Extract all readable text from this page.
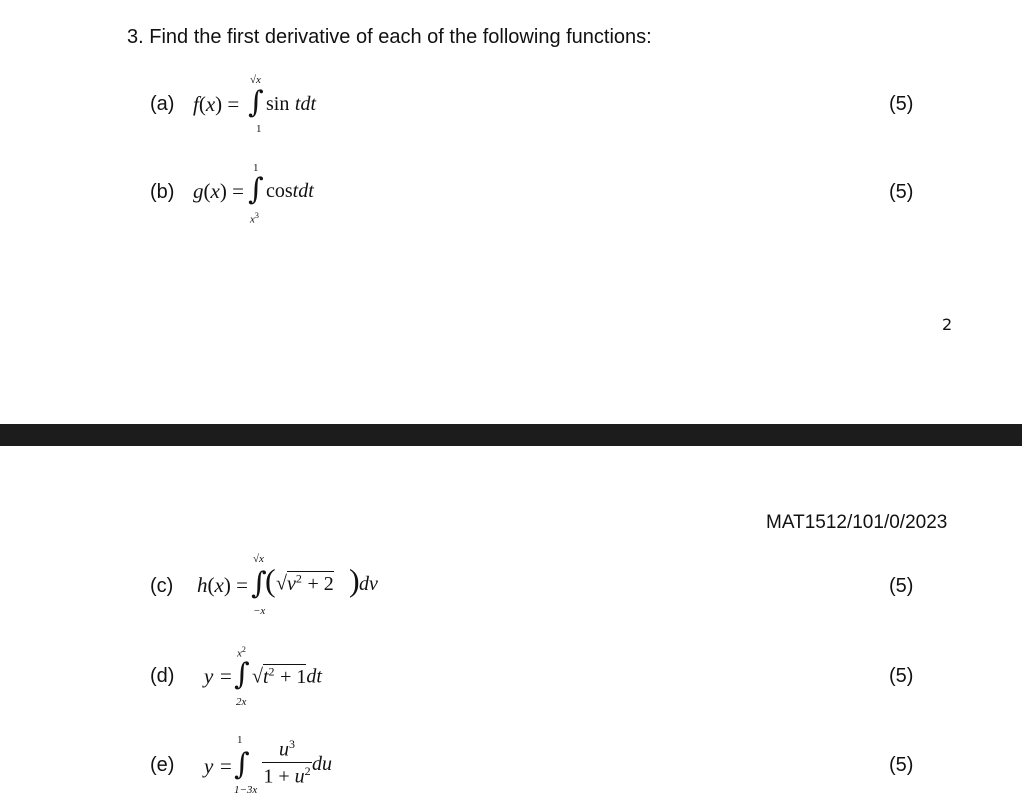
3. Find the first derivative of each of the following functions:
(a) f(x) =
√x
∫
1
sin tdt	(5)
(b) g(x) =
1
∫
$x^3$
costdt	(5)
2
MAT1512/101/0/2023
(c) h(x) =
√x
∫
−x
( $√v^2 + 2$ ) dv	(5)
(d) y =
$x^2$
∫
2x
$√t^2 + 1dt$	(5)
(e) y =
1
∫
1−3x
$u^3$
$1 + u^2$ du	(5)
